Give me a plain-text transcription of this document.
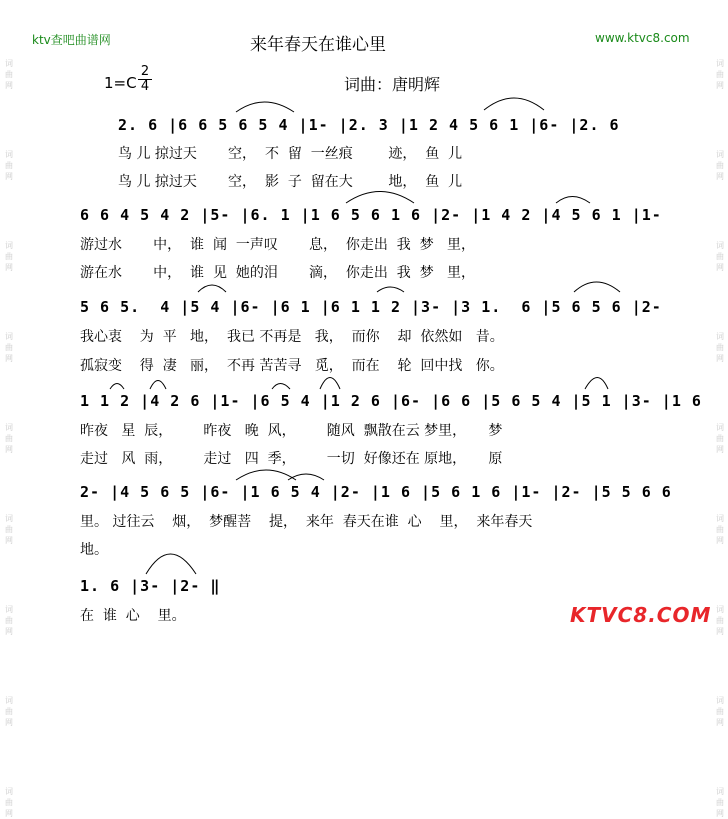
词曲网
词曲网
词曲网
词曲网
词曲网
词曲网
词曲网
词曲网
词曲网
词曲网
词曲网
词曲网
词曲网
词曲网
词曲网
词曲网
词曲网
词曲网
ktv查吧曲谱网	来年春天在谁心里	www.ktvc8.com
1=C
2
4	词曲：唐明辉
2. 6 |6 6 5 6 5 4 |1- |2. 3 |1 2 4 5 6 1 |6- |2. 6
鸟 儿 掠过天       空，  不  留  一丝痕        迹，  鱼  儿
鸟 儿 掠过天       空，  影  子  留在大        地，  鱼  儿
6 6 4 5 4 2 |5- |6. 1 |1 6 5 6 1 6 |2- |1 4 2 |4 5 6 1 |1-
游过水       中，  谁  闻  一声叹       息，  你走出  我  梦   里，
游在水       中，  谁  见  她的泪       滴，  你走出  我  梦   里，
5 6 5.  4 |5 4 |6- |6 1 |6 1 1 2 |3- |3 1.  6 |5 6 5 6 |2-
我心衷    为  平   地，  我已 不再是   我，  而你    却  依然如   昔。
孤寂变    得  凄   丽，  不再 苦苦寻   觅，  而在    轮  回中找   你。
1 1 2 |4 2 6 |1- |6 5 4 |1 2 6 |6- |6 6 |5 6 5 4 |5 1 |3- |1 6
昨夜   星  辰，       昨夜   晚  风，       随风  飘散在云 梦里，     梦
走过   风  雨，       走过   四  季，       一切  好像还在 原地，     原
2- |4 5 6 5 |6- |1 6 5 4 |2- |1 6 |5 6 1 6 |1- |2- |5 5 6 6
里。 过往云    烟，  梦醒菩    提，  来年  春天在谁  心    里，  来年春天
地。
1. 6 |3- |2- ‖
在  谁  心    里。	KTVC8.COM
